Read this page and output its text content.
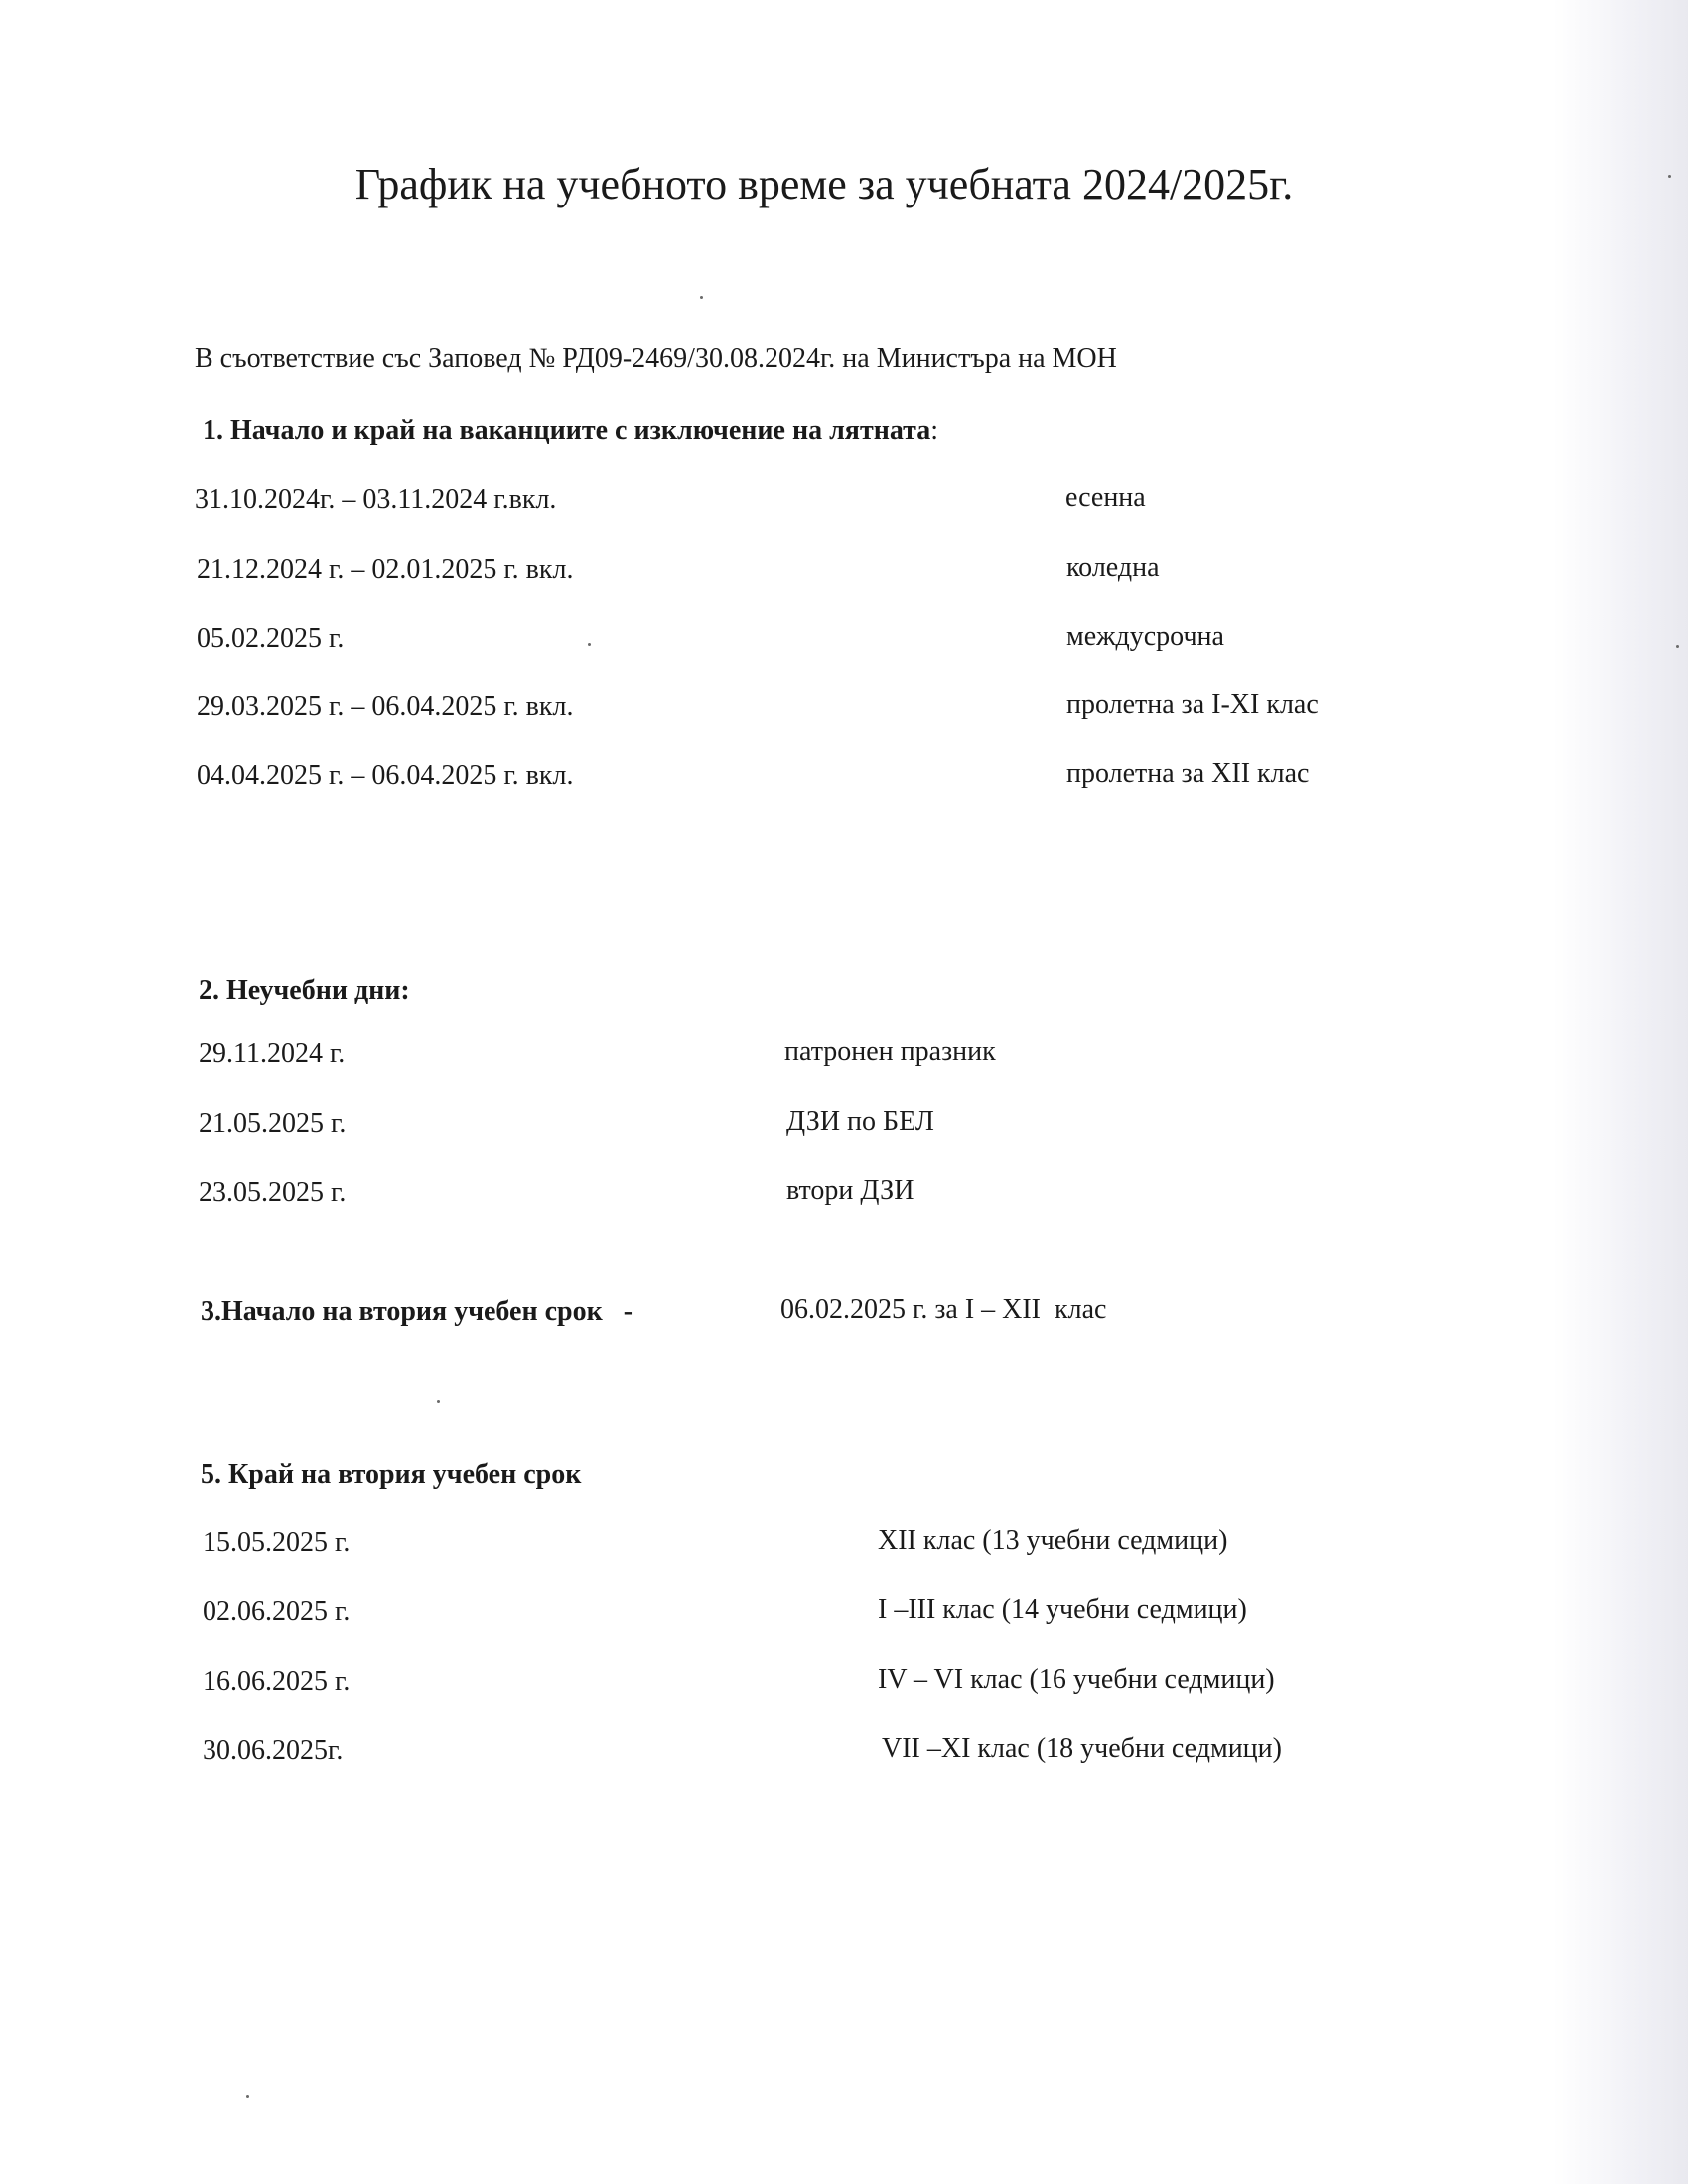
График на учебното време за учебната 2024/2025г.
В съответствие със Заповед № РД09-2469/30.08.2024г. на Министъра на МОН
1. Начало и край на ваканциите с изключение на лятната:
31.10.2024г. – 03.11.2024 г.вкл.	есенна
21.12.2024 г. – 02.01.2025 г. вкл.	коледна
05.02.2025 г.	междусрочна
29.03.2025 г. – 06.04.2025 г. вкл.	пролетна за I-XI клас
04.04.2025 г. – 06.04.2025 г. вкл.	пролетна за XII клас
2. Неучебни дни:
29.11.2024 г.	патронен празник
21.05.2025 г.	ДЗИ по БЕЛ
23.05.2025 г.	втори ДЗИ
3.Начало на втория учебен срок   -	06.02.2025 г. за I – XII  клас
5. Край на втория учебен срок
15.05.2025 г.	XII клас (13 учебни седмици)
02.06.2025 г.	I –III клас (14 учебни седмици)
16.06.2025 г.	IV – VI клас (16 учебни седмици)
30.06.2025г.	VII –XI клас (18 учебни седмици)
